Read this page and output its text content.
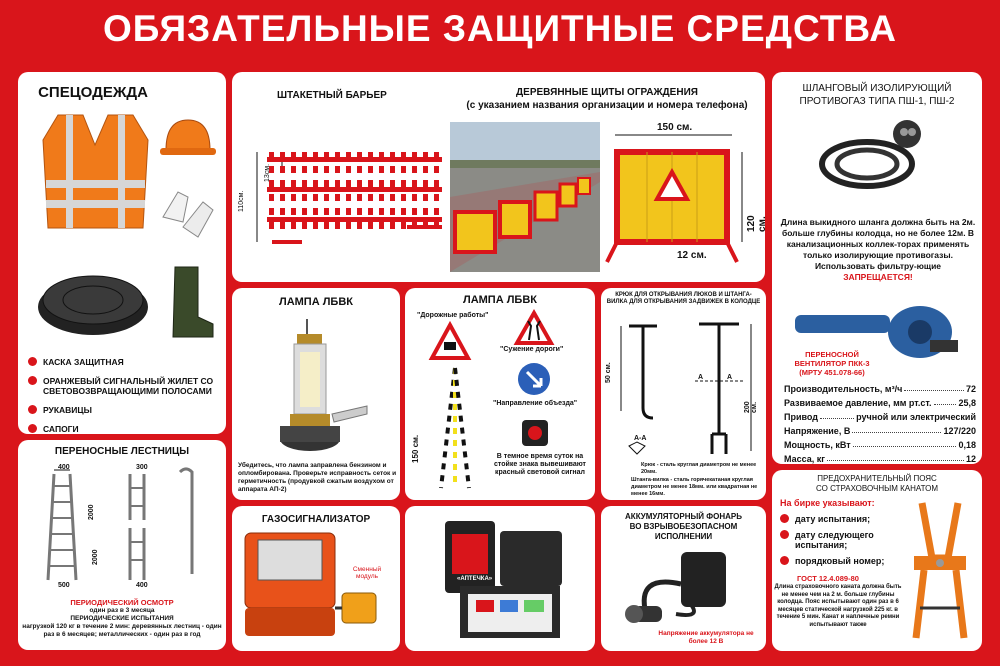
ОБЯЗАТЕЛЬНЫЕ ЗАЩИТНЫЕ СРЕДСТВА
СПЕЦОДЕЖДА
КАСКА ЗАЩИТНАЯ
ОРАНЖЕВЫЙ СИГНАЛЬНЫЙ ЖИЛЕТ СО СВЕТОВОЗВРАЩАЮЩИМИ ПОЛОСАМИ
РУКАВИЦЫ
САПОГИ
ШТАКЕТНЫЙ БАРЬЕР
110см.
13см.
ДЕРЕВЯННЫЕ ЩИТЫ ОГРАЖДЕНИЯ
(с указанием названия организации и номера телефона)
150 см.
120 см.
12 см.
ШЛАНГОВЫЙ ИЗОЛИРУЮЩИЙ
ПРОТИВОГАЗ ТИПА ПШ-1, ПШ-2
Длина выкидного шланга должна быть на 2м. больше глубины колодца, но не более 12м. В канализационных коллек-торах применять только изолирующие противогазы. Использовать фильтру-ющие ЗАПРЕЩАЕТСЯ!
ПЕРЕНОСНОЙ
ВЕНТИЛЯТОР ПКК-3
(МРТУ 451.078-66)
Производительность, м³/ч	72
Развиваемое давление, мм рт.ст.	25,8
Привод	ручной или электрический
Напряжение, В	127/220
Мощность, кВт	0,18
Масса, кг	12
ЛАМПА ЛБВК
Убедитесь, что лампа заправлена бензином и опломбирована. Проверьте исправность сеток и герметичность (продувкой сжатым воздухом от аппарата АП-2)
ЛАМПА ЛБВК
"Дорожные работы"
"Сужение дороги"
"Направление объезда"
150 см.	В темное время суток на стойке знака вывешивают красный световой сигнал
КРЮК ДЛЯ ОТКРЫВАНИЯ ЛЮКОВ И ШТАНГА-ВИЛКА ДЛЯ ОТКРЫВАНИЯ ЗАДВИЖЕК В КОЛОДЦЕ
50 см.
200 см.
А-А
А	А
Крюк - сталь круглая диаметром не менее 20мм.
Штанга-вилка - сталь горячекатаная круглая диаметром не менее 18мм. или квадратная не менее 16мм.
ПЕРЕНОСНЫЕ ЛЕСТНИЦЫ
400	300
2000
2000
500	400
ПЕРИОДИЧЕСКИЙ ОСМОТР
один раз в 3 месяца
ПЕРИОДИЧЕСКИЕ ИСПЫТАНИЯ
нагрузкой 120 кг в течение 2 мин: деревянных лестниц - один раз в 6 месяцев; металлических - один раз в год
ГАЗОСИГНАЛИЗАТОР
Сменный модуль	«АПТЕЧКА»
АККУМУЛЯТОРНЫЙ ФОНАРЬ
ВО ВЗРЫВОБЕЗОПАСНОМ
ИСПОЛНЕНИИ
Напряжение аккумулятора не более 12 В
ПРЕДОХРАНИТЕЛЬНЫЙ ПОЯС
СО СТРАХОВОЧНЫМ КАНАТОМ
На бирке указывают:
дату испытания;
дату следующего испытания;
порядковый номер;
ГОСТ 12.4.089-80
Длина страховочного каната должна быть не менее чем на 2 м. больше глубины колодца. Пояс испытывают один раз в 6 месяцев статической нагрузкой 225 кг. в течение 5 мин. Канат и наплечные ремни испытывают также
